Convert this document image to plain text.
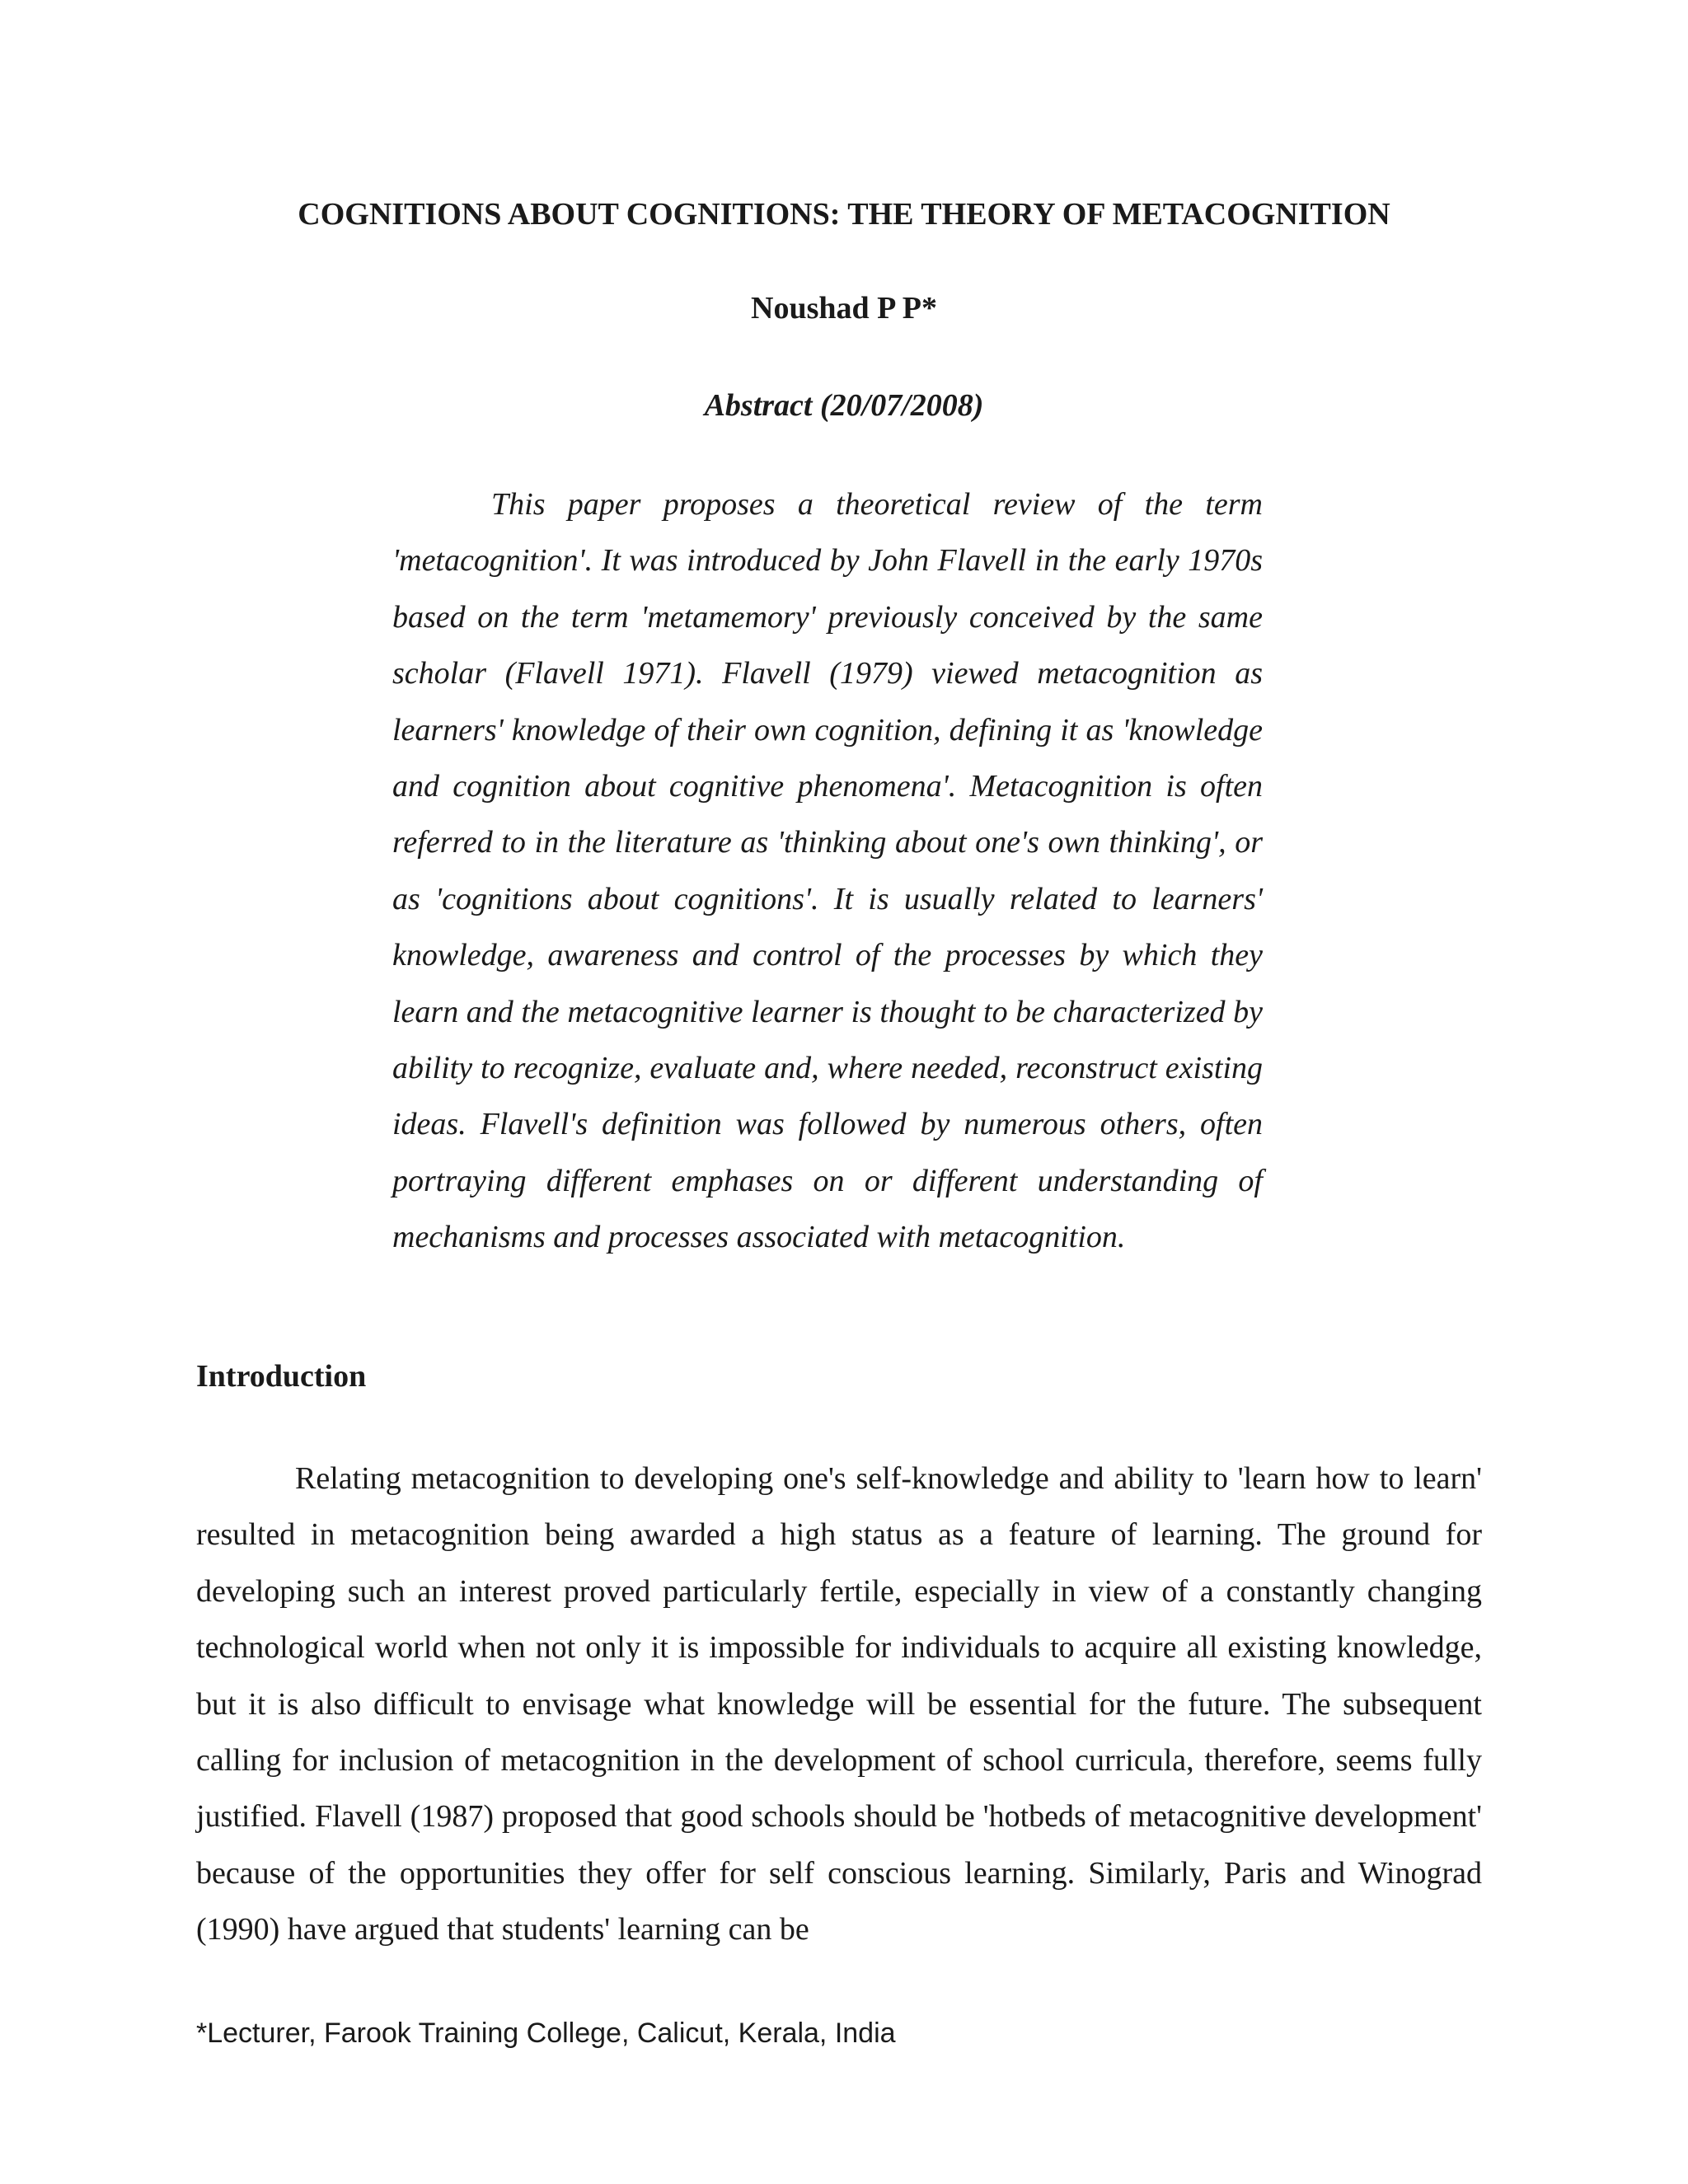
COGNITIONS ABOUT COGNITIONS: THE THEORY OF METACOGNITION

Noushad P P*

Abstract (20/07/2008)

This paper proposes a theoretical review of the term 'metacognition'. It was introduced by John Flavell in the early 1970s based on the term 'metamemory' previously conceived by the same scholar (Flavell 1971). Flavell (1979) viewed metacognition as learners' knowledge of their own cognition, defining it as 'knowledge and cognition about cognitive phenomena'. Metacognition is often referred to in the literature as 'thinking about one's own thinking', or as 'cognitions about cognitions'. It is usually related to learners' knowledge, awareness and control of the processes by which they learn and the metacognitive learner is thought to be characterized by ability to recognize, evaluate and, where needed, reconstruct existing ideas. Flavell's definition was followed by numerous others, often portraying different emphases on or different understanding of mechanisms and processes associated with metacognition.

Introduction

Relating metacognition to developing one's self-knowledge and ability to 'learn how to learn' resulted in metacognition being awarded a high status as a feature of learning. The ground for developing such an interest proved particularly fertile, especially in view of a constantly changing technological world when not only it is impossible for individuals to acquire all existing knowledge, but it is also difficult to envisage what knowledge will be essential for the future. The subsequent calling for inclusion of metacognition in the development of school curricula, therefore, seems fully justified. Flavell (1987) proposed that good schools should be 'hotbeds of metacognitive development' because of the opportunities they offer for self conscious learning. Similarly, Paris and Winograd (1990) have argued that students' learning can be

*Lecturer, Farook Training College, Calicut, Kerala, India
